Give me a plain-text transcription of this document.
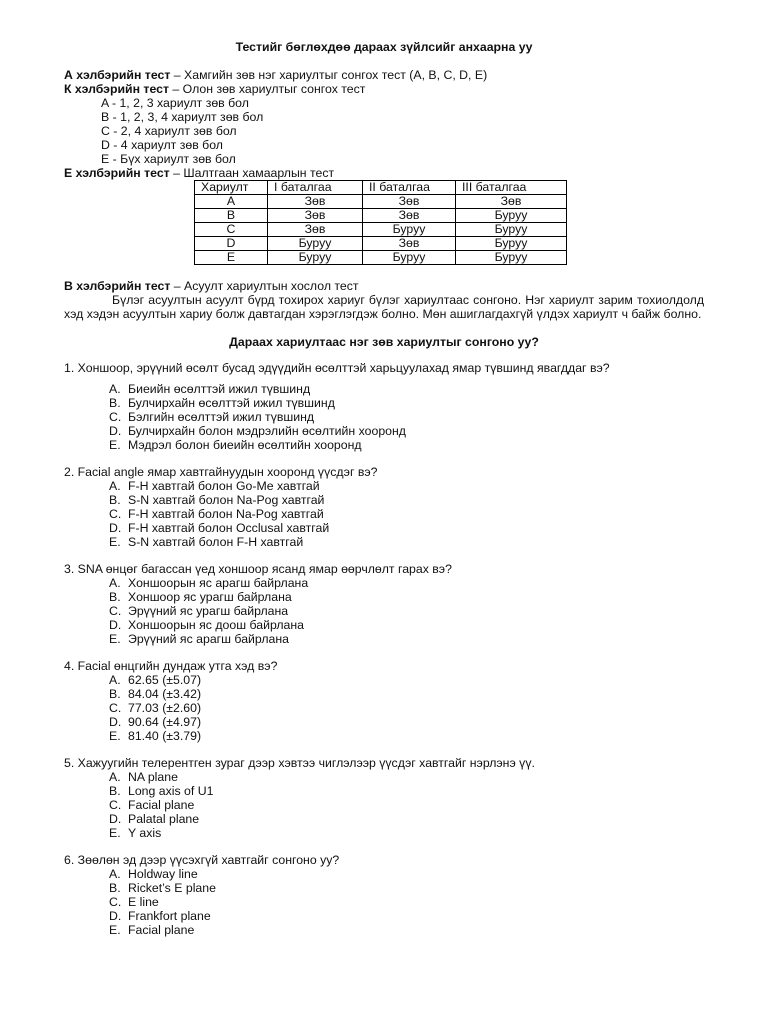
Тестийг бөглөхдөө дараах зүйлсийг анхаарна уу

А хэлбэрийн тест – Хамгийн зөв нэг хариултыг сонгох тест (A, B, C, D, E)

К хэлбэрийн тест – Олон зөв хариултыг сонгох тест

A - 1, 2, 3 хариулт зөв бол

B - 1, 2, 3, 4 хариулт зөв бол

C - 2, 4 хариулт зөв бол

D - 4 хариулт зөв бол

E - Бүх хариулт зөв бол

Е хэлбэрийн тест – Шалтгаан хамаарлын тест

Хариулт	I баталгаа	II баталгаа	III баталгаа
A	Зөв	Зөв	Зөв
B	Зөв	Зөв	Буруу
C	Зөв	Буруу	Буруу
D	Буруу	Зөв	Буруу
E	Буруу	Буруу	Буруу

В хэлбэрийн тест – Асуулт хариултын хослол тест

Бүлэг асуултын асуулт бүрд тохирох хариуг бүлэг хариултаас сонгоно. Нэг хариулт зарим тохиолдолд хэд хэдэн асуултын хариу болж давтагдан хэрэглэгдэж болно. Мөн ашиглагдахгүй үлдэх хариулт ч байж болно.

Дараах хариултаас нэг зөв хариултыг сонгоно уу?

1. Хоншоор, эрүүний өсөлт бусад эдүүдийн өсөлттэй харьцуулахад ямар түвшинд явагддаг вэ?

A. Биеийн өсөлттэй ижил түвшинд

B. Булчирхайн өсөлттэй ижил түвшинд

C. Бэлгийн өсөлттэй ижил түвшинд

D. Булчирхайн болон мэдрэлийн өсөлтийн хооронд

E. Мэдрэл болон биеийн өсөлтийн хооронд

2. Facial angle ямар хавтгайнуудын хооронд үүсдэг вэ?

A. F-H хавтгай болон Go-Me хавтгай

B. S-N хавтгай болон Na-Pog хавтгай

C. F-H хавтгай болон Na-Pog хавтгай

D. F-H хавтгай болон Occlusal хавтгай

E. S-N хавтгай болон F-H хавтгай

3. SNA өнцөг багассан үед хоншоор ясанд ямар өөрчлөлт гарах вэ?

A. Хоншоорын яс арагш байрлана

B. Хоншоор яс урагш байрлана

C. Эрүүний яс урагш байрлана

D. Хоншоорын яс доош байрлана

E. Эрүүний яс арагш байрлана

4. Facial өнцгийн дундаж утга хэд вэ?

A. 62.65 (±5.07)

B. 84.04 (±3.42)

C. 77.03 (±2.60)

D. 90.64 (±4.97)

E. 81.40 (±3.79)

5. Хажуугийн телерентген зураг дээр хэвтээ чиглэлээр үүсдэг хавтгайг нэрлэнэ үү.

A. NA plane

B. Long axis of U1

C. Facial plane

D. Palatal plane

E. Y axis

6. Зөөлөн эд дээр үүсэхгүй хавтгайг сонгоно уу?

A. Holdway line

B. Ricket’s E plane

C. E line

D. Frankfort plane

E. Facial plane
